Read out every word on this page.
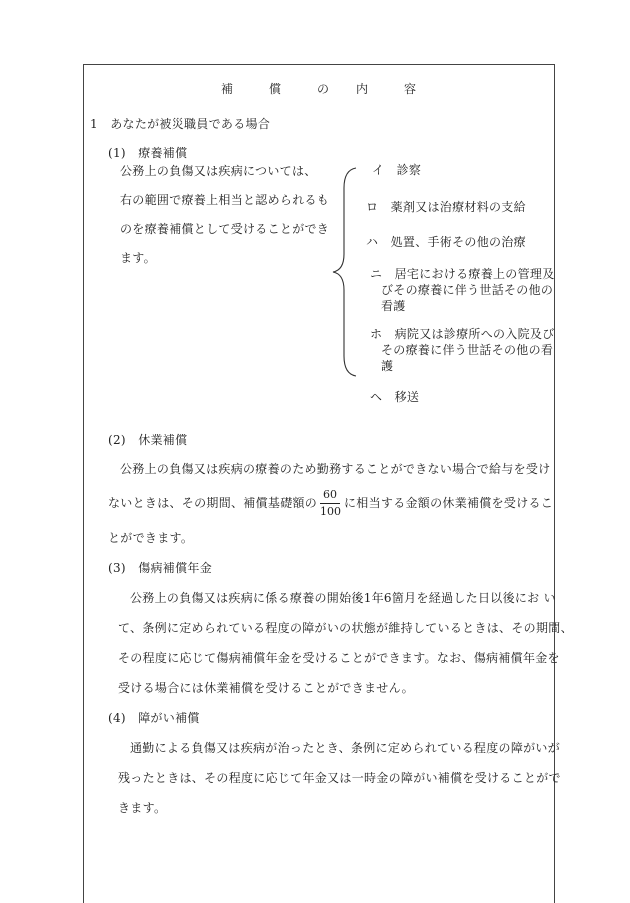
補	償	の 内	容
1　あなたが被災職員である場合
(1)　療養補償
公務上の負傷又は疾病については、
右の範囲で療養上相当と認められるも
のを療養補償として受けることができ
ます。
イ　診察
ロ　薬剤又は治療材料の支給
ハ　処置、手術その他の治療
ニ　居宅における療養上の管理及
びその療養に伴う世話その他の
看護
ホ　病院又は診療所への入院及び
その療養に伴う世話その他の看
護
ヘ　移送
(2)　休業補償
公務上の負傷又は疾病の療養のため勤務することができない場合で給与を受け
ないときは、その期間、補償基礎額の
60
100
に相当する金額の休業補償を受けるこ
とができます。
(3)　傷病補償年金
公務上の負傷又は疾病に係る療養の開始後1年6箇月を経過した日以後にお い
て、条例に定められている程度の障がいの状態が維持しているときは、その期間、
その程度に応じて傷病補償年金を受けることができます。なお、傷病補償年金を
受ける場合には休業補償を受けることができません。
(4)　障がい補償
通勤による負傷又は疾病が治ったとき、条例に定められている程度の障がいが
残ったときは、その程度に応じて年金又は一時金の障がい補償を受けることがで
きます。
